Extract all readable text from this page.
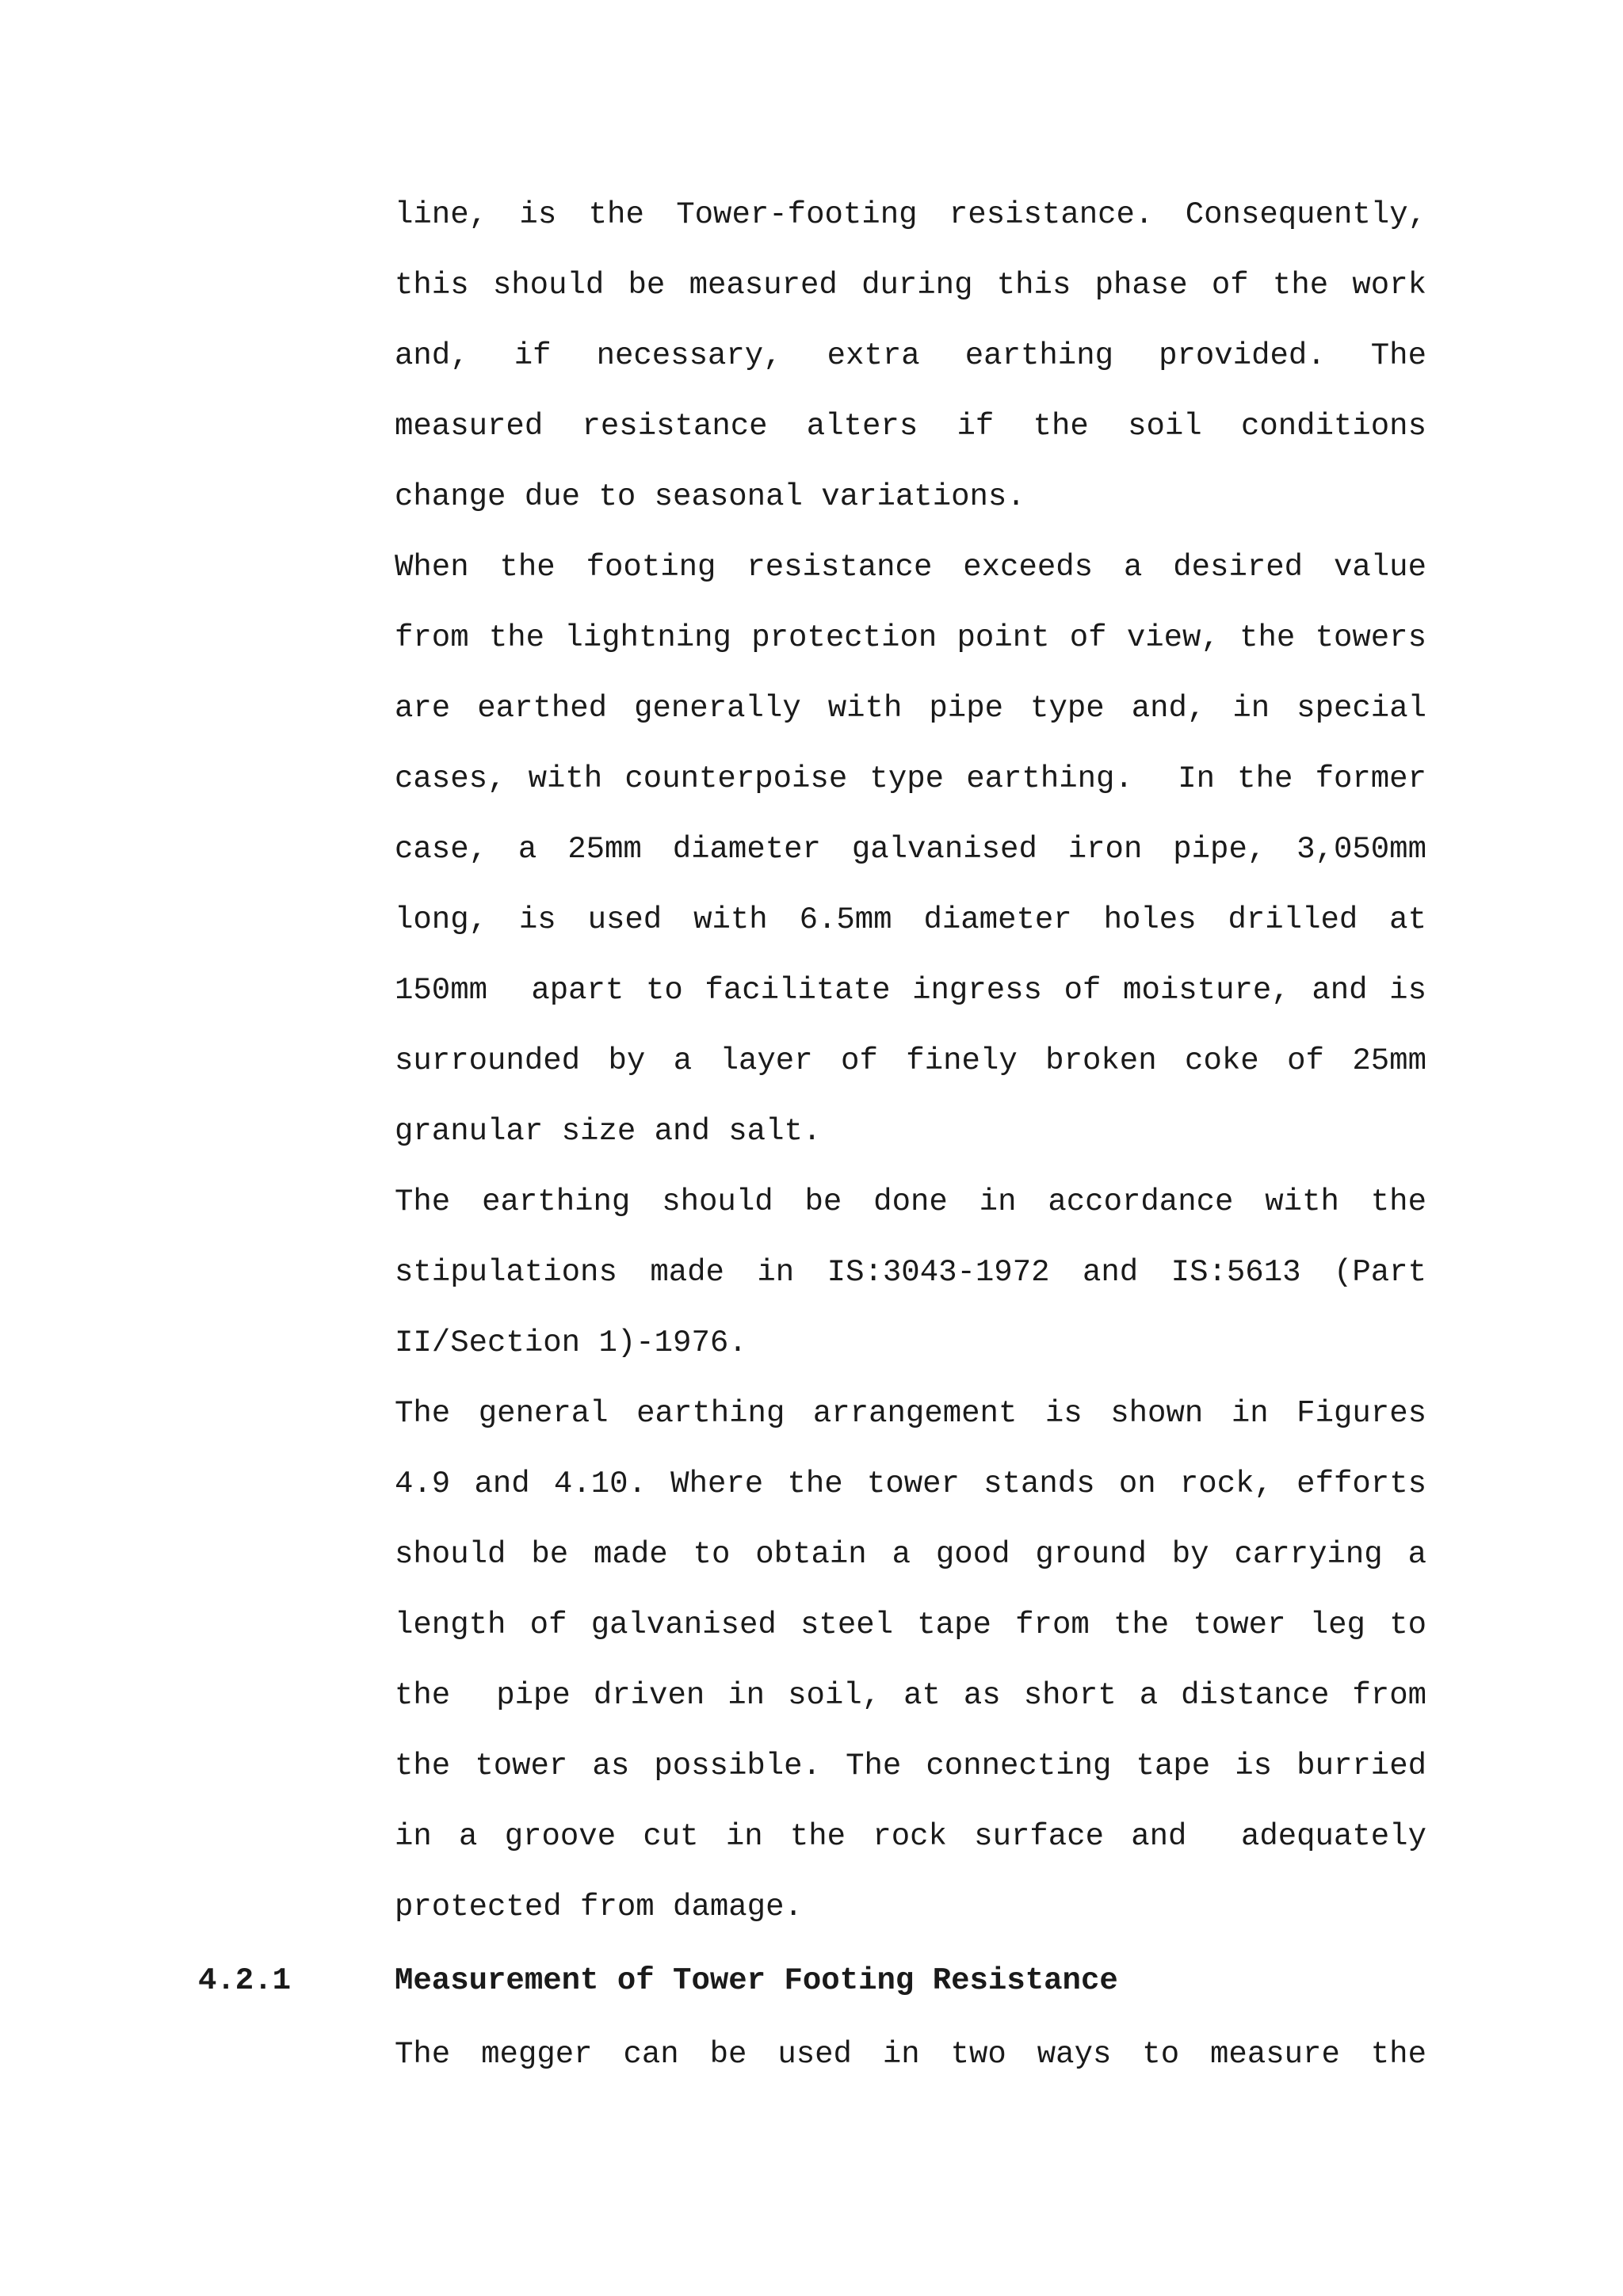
line, is the Tower-footing resistance. Consequently, this should be measured during this phase of the work and, if necessary, extra earthing provided. The measured resistance alters if the soil conditions change due to seasonal variations.

When the footing resistance exceeds a desired value from the lightning protection point of view, the towers are earthed generally with pipe type and, in special cases, with counterpoise type earthing.  In the former case, a 25mm diameter galvanised iron pipe, 3,050mm long, is used with 6.5mm diameter holes drilled at 150mm  apart to facilitate ingress of moisture, and is surrounded by a layer of finely broken coke of 25mm granular size and salt.

The earthing should be done in accordance with the stipulations made in IS:3043-1972 and IS:5613 (Part II/Section 1)-1976.

The general earthing arrangement is shown in Figures 4.9 and 4.10. Where the tower stands on rock, efforts should be made to obtain a good ground by carrying a length of galvanised steel tape from the tower leg to the  pipe driven in soil, at as short a distance from the tower as possible. The connecting tape is burried in a groove cut in the rock surface and  adequately protected from damage.

4.2.1	Measurement of Tower Footing Resistance

The megger can be used in two ways to measure the
